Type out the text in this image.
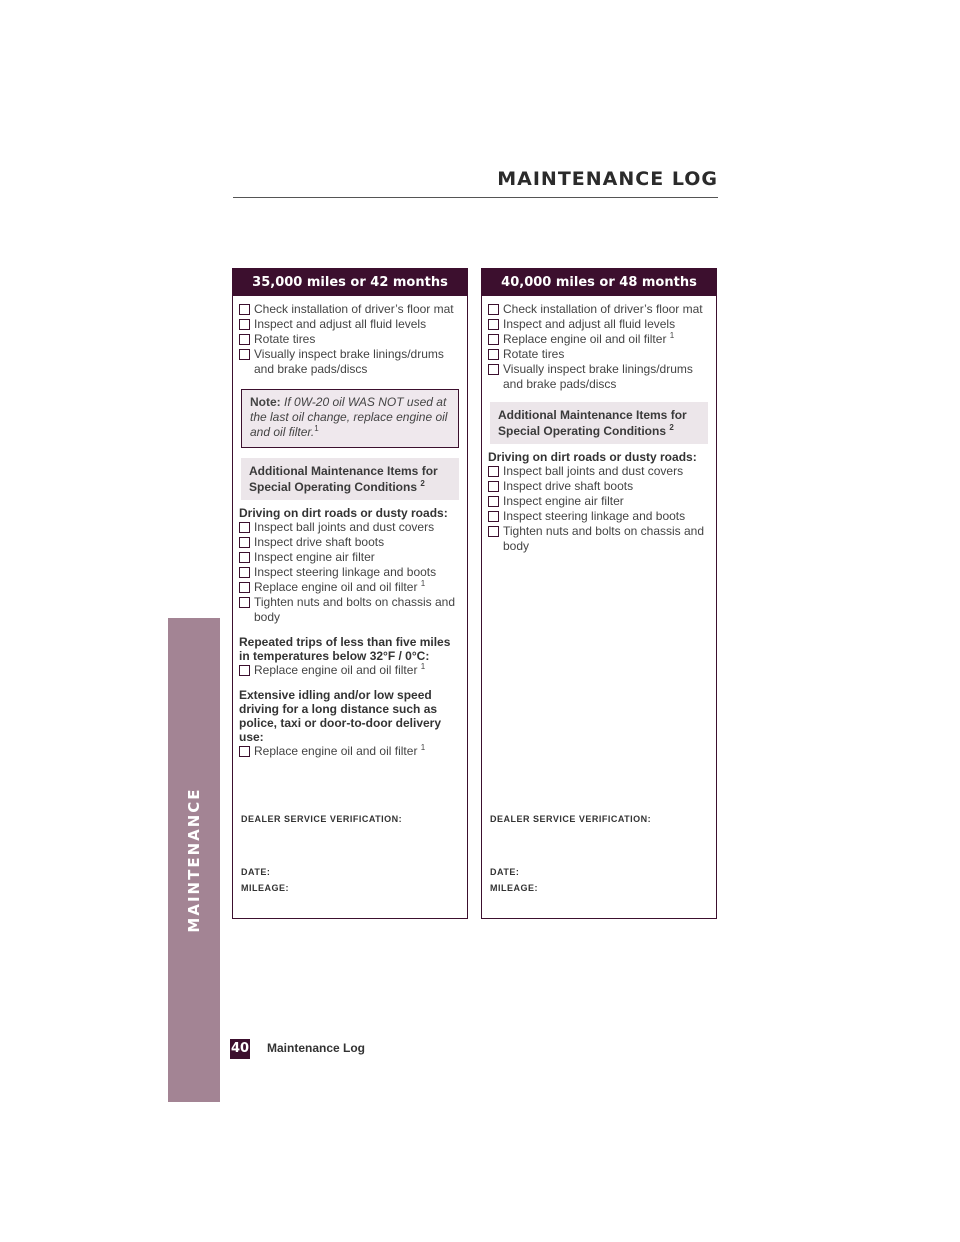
MAINTENANCE LOG
MAINTENANCE
35,000 miles or 42 months
Check installation of driver’s floor mat
Inspect and adjust all fluid levels
Rotate tires
Visually inspect brake linings/drums and brake pads/discs
Note: If 0W-20 oil WAS NOT used at the last oil change, replace engine oil and oil filter.$^1$
Additional Maintenance Items for
Special Operating Conditions $^2$
Driving on dirt roads or dusty roads:
Inspect ball joints and dust covers
Inspect drive shaft boots
Inspect engine air filter
Inspect steering linkage and boots
Replace engine oil and oil filter $^1$
Tighten nuts and bolts on chassis and body
Repeated trips of less than five miles in temperatures below 32°F / 0°C:
Replace engine oil and oil filter $^1$
Extensive idling and/or low speed driving for a long distance such as police, taxi or door-to-door delivery use:
Replace engine oil and oil filter $^1$
DEALER SERVICE VERIFICATION:
DATE:
MILEAGE:
40,000 miles or 48 months
Check installation of driver’s floor mat
Inspect and adjust all fluid levels
Replace engine oil and oil filter $^1$
Rotate tires
Visually inspect brake linings/drums and brake pads/discs
Additional Maintenance Items for
Special Operating Conditions $^2$
Driving on dirt roads or dusty roads:
Inspect ball joints and dust covers
Inspect drive shaft boots
Inspect engine air filter
Inspect steering linkage and boots
Tighten nuts and bolts on chassis and body
DEALER SERVICE VERIFICATION:
DATE:
MILEAGE:
40 Maintenance Log
